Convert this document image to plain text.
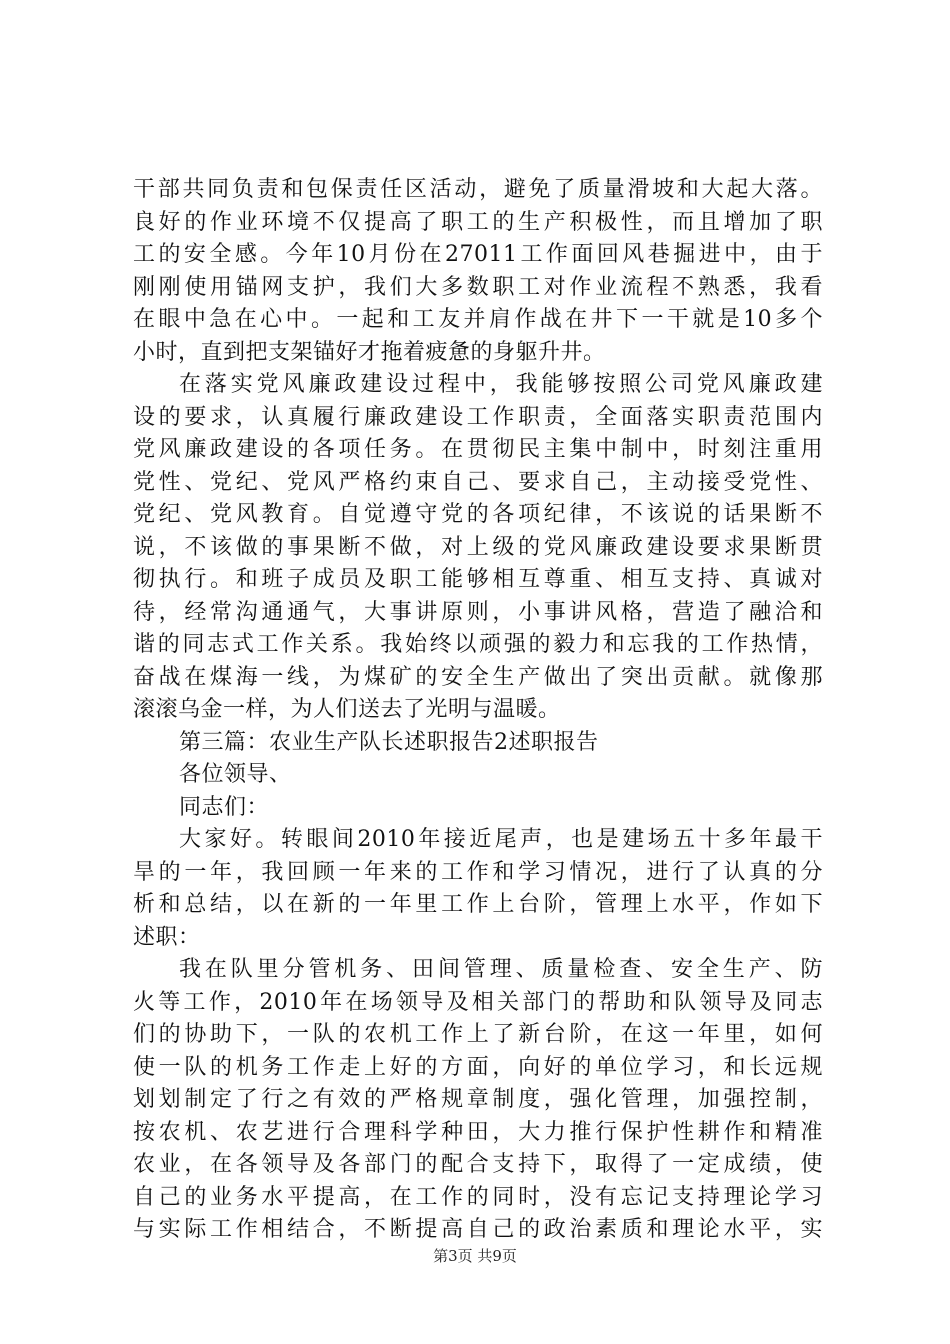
干部共同负责和包保责任区活动，避免了质量滑坡和大起大落。
良好的作业环境不仅提高了职工的生产积极性，而且增加了职
工的安全感。今年10月份在27011工作面回风巷掘进中，由于
刚刚使用锚网支护，我们大多数职工对作业流程不熟悉，我看
在眼中急在心中。一起和工友并肩作战在井下一干就是10多个
小时，直到把支架锚好才拖着疲惫的身躯升井。
在落实党风廉政建设过程中，我能够按照公司党风廉政建
设的要求，认真履行廉政建设工作职责，全面落实职责范围内
党风廉政建设的各项任务。在贯彻民主集中制中，时刻注重用
党性、党纪、党风严格约束自己、要求自己，主动接受党性、
党纪、党风教育。自觉遵守党的各项纪律，不该说的话果断不
说，不该做的事果断不做，对上级的党风廉政建设要求果断贯
彻执行。和班子成员及职工能够相互尊重、相互支持、真诚对
待，经常沟通通气，大事讲原则，小事讲风格，营造了融洽和
谐的同志式工作关系。我始终以顽强的毅力和忘我的工作热情，
奋战在煤海一线，为煤矿的安全生产做出了突出贡献。就像那
滚滚乌金一样，为人们送去了光明与温暖。
第三篇：农业生产队长述职报告2述职报告
各位领导、
同志们：
大家好。转眼间2010年接近尾声，也是建场五十多年最干
旱的一年，我回顾一年来的工作和学习情况，进行了认真的分
析和总结，以在新的一年里工作上台阶，管理上水平，作如下
述职：
我在队里分管机务、田间管理、质量检查、安全生产、防
火等工作，2010年在场领导及相关部门的帮助和队领导及同志
们的协助下，一队的农机工作上了新台阶，在这一年里，如何
使一队的机务工作走上好的方面，向好的单位学习，和长远规
划划制定了行之有效的严格规章制度，强化管理，加强控制，
按农机、农艺进行合理科学种田，大力推行保护性耕作和精准
农业，在各领导及各部门的配合支持下，取得了一定成绩，使
自己的业务水平提高，在工作的同时，没有忘记支持理论学习
与实际工作相结合，不断提高自己的政治素质和理论水平，实
第3页 共9页
